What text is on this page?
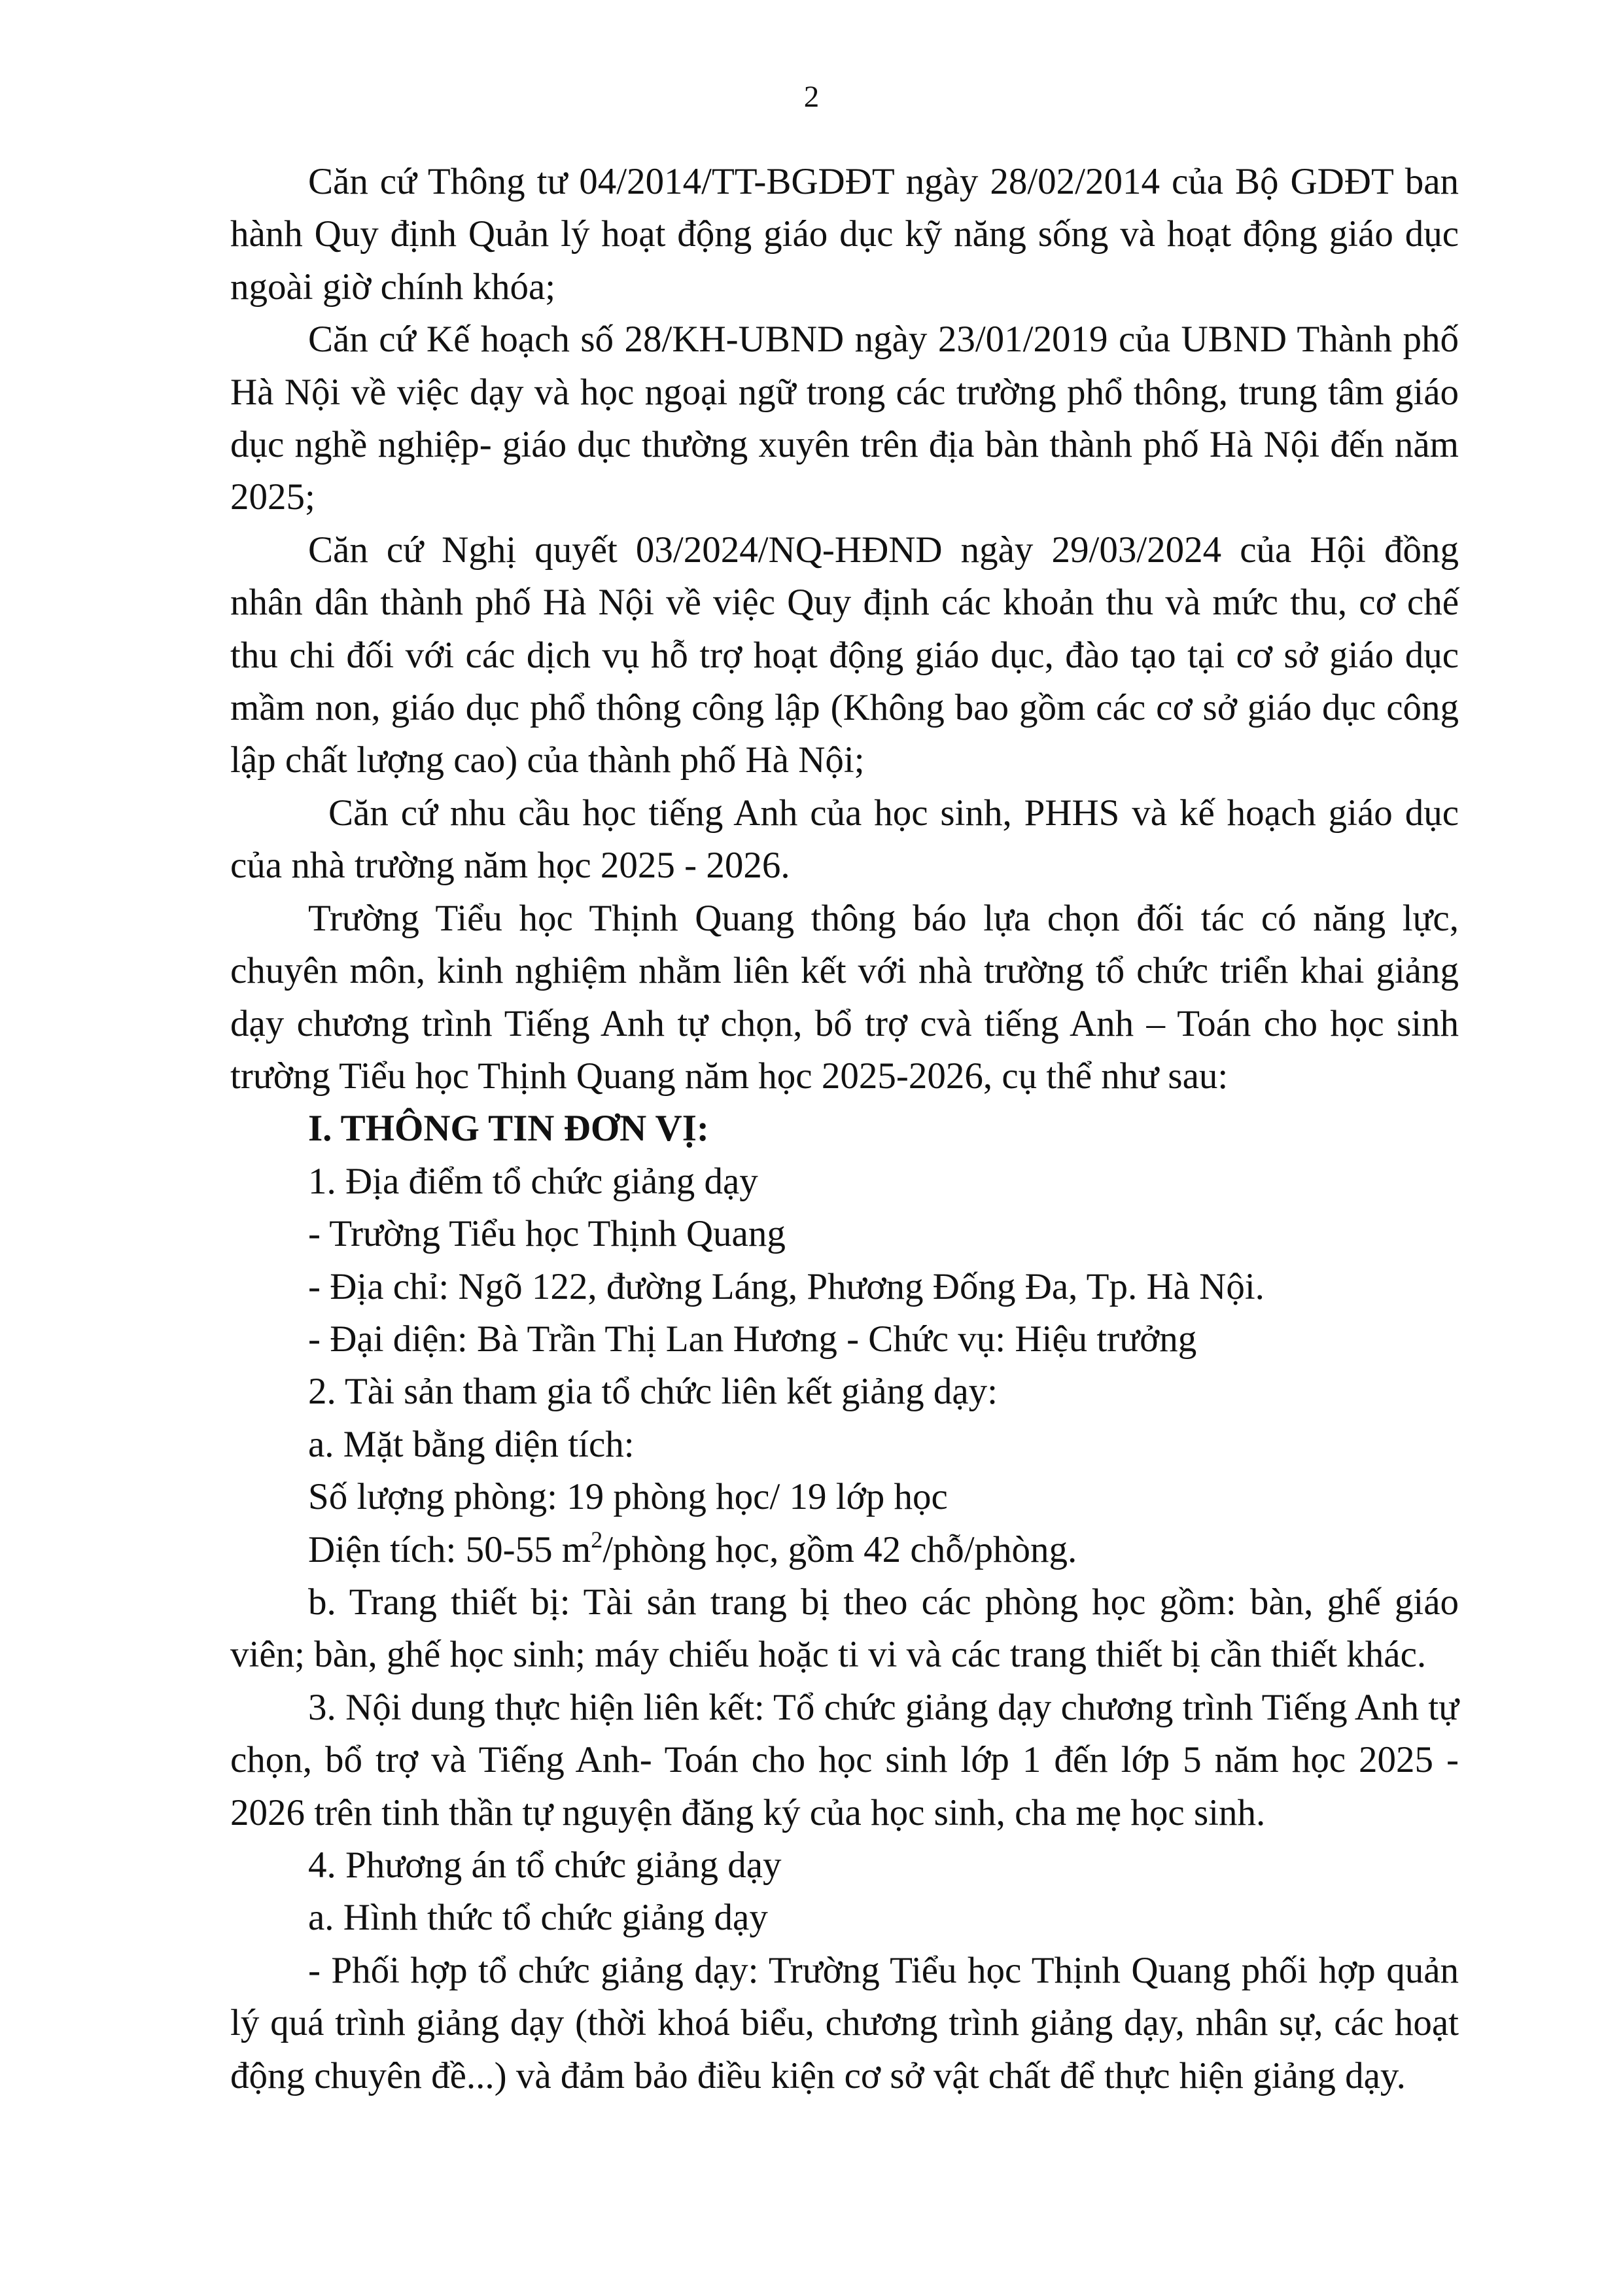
2

Căn cứ Thông tư 04/2014/TT-BGDĐT ngày 28/02/2014 của Bộ GDĐT ban hành Quy định Quản lý hoạt động giáo dục kỹ năng sống và hoạt động giáo dục ngoài giờ chính khóa;

Căn cứ Kế hoạch số 28/KH-UBND ngày 23/01/2019 của UBND Thành phố Hà Nội về việc dạy và học ngoại ngữ trong các trường phổ thông, trung tâm giáo dục nghề nghiệp- giáo dục thường xuyên trên địa bàn thành phố Hà Nội đến năm 2025;

Căn cứ Nghị quyết 03/2024/NQ-HĐND ngày 29/03/2024 của Hội đồng nhân dân thành phố Hà Nội về việc Quy định các khoản thu và mức thu, cơ chế thu chi đối với các dịch vụ hỗ trợ hoạt động giáo dục, đào tạo tại cơ sở giáo dục mầm non, giáo dục phổ thông công lập (Không bao gồm các cơ sở giáo dục công lập chất lượng cao) của thành phố Hà Nội;

Căn cứ nhu cầu học tiếng Anh của học sinh, PHHS và kế hoạch giáo dục của nhà trường năm học 2025 - 2026.

Trường Tiểu học Thịnh Quang thông báo lựa chọn đối tác có năng lực, chuyên môn, kinh nghiệm nhằm liên kết với nhà trường tổ chức triển khai giảng dạy chương trình Tiếng Anh tự chọn, bổ trợ cvà tiếng Anh – Toán cho học sinh trường Tiểu học Thịnh Quang năm học 2025-2026, cụ thể như sau:

I. THÔNG TIN ĐƠN VỊ:

1. Địa điểm tổ chức giảng dạy

- Trường Tiểu học Thịnh Quang

- Địa chỉ: Ngõ 122, đường Láng, Phương Đống Đa, Tp. Hà Nội.

- Đại diện: Bà Trần Thị Lan Hương - Chức vụ: Hiệu trưởng

2. Tài sản tham gia tổ chức liên kết giảng dạy:

a. Mặt bằng diện tích:

Số lượng phòng: 19 phòng học/ 19 lớp học

Diện tích: 50-55 $m^2$/phòng học, gồm 42 chỗ/phòng.

b. Trang thiết bị: Tài sản trang bị theo các phòng học gồm: bàn, ghế giáo viên; bàn, ghế học sinh; máy chiếu hoặc ti vi và các trang thiết bị cần thiết khác.

3. Nội dung thực hiện liên kết: Tổ chức giảng dạy chương trình Tiếng Anh tự chọn, bổ trợ và Tiếng Anh- Toán cho học sinh lớp 1 đến lớp 5 năm học 2025 - 2026 trên tinh thần tự nguyện đăng ký của học sinh, cha mẹ học sinh.

4. Phương án tổ chức giảng dạy

a. Hình thức tổ chức giảng dạy

- Phối hợp tổ chức giảng dạy: Trường Tiểu học Thịnh Quang phối hợp quản lý quá trình giảng dạy (thời khoá biểu, chương trình giảng dạy, nhân sự, các hoạt động chuyên đề...) và đảm bảo điều kiện cơ sở vật chất để thực hiện giảng dạy.
